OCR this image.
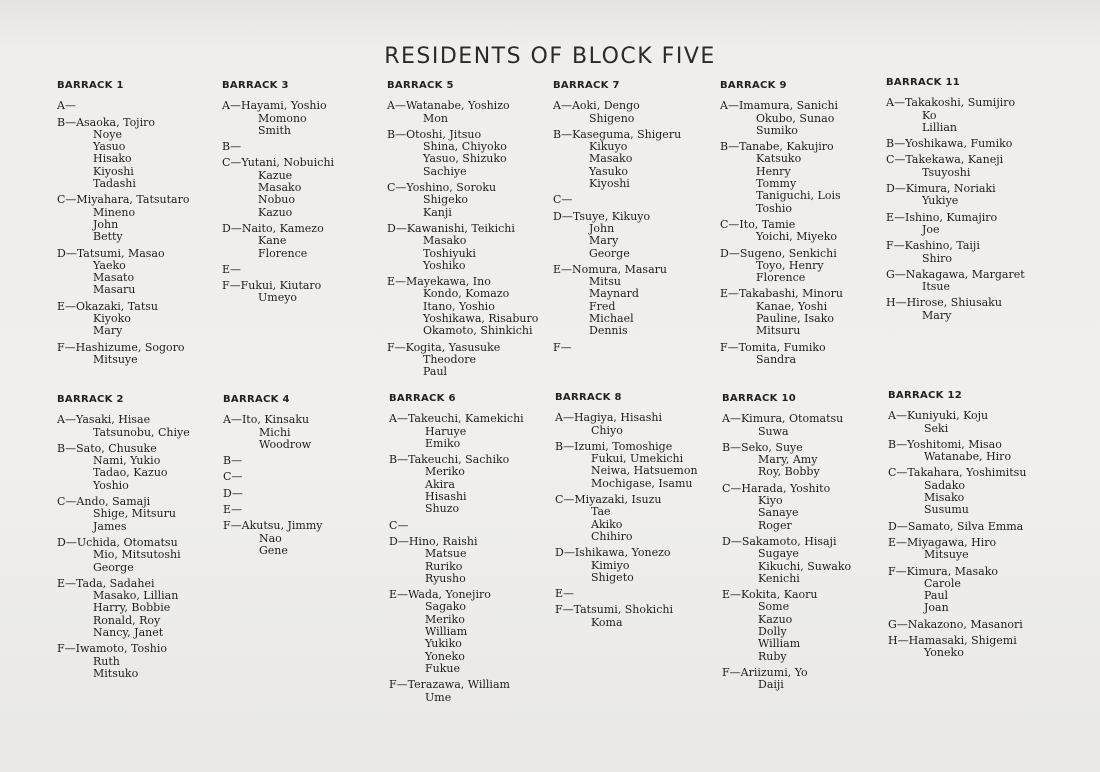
RESIDENTS OF BLOCK FIVE
BARRACK 1
A—
B—Asaoka, Tojiro
Noye
Yasuo
Hisako
Kiyoshi
Tadashi
C—Miyahara, Tatsutaro
Mineno
John
Betty
D—Tatsumi, Masao
Yaeko
Masato
Masaru
E—Okazaki, Tatsu
Kiyoko
Mary
F—Hashizume, Sogoro
Mitsuye
BARRACK 3
A—Hayami, Yoshio
Momono
Smith
B—
C—Yutani, Nobuichi
Kazue
Masako
Nobuo
Kazuo
D—Naito, Kamezo
Kane
Florence
E—
F—Fukui, Kiutaro
Umeyo
BARRACK 5
A—Watanabe, Yoshizo
Mon
B—Otoshi, Jitsuo
Shina, Chiyoko
Yasuo, Shizuko
Sachiye
C—Yoshino, Soroku
Shigeko
Kanji
D—Kawanishi, Teikichi
Masako
Toshiyuki
Yoshiko
E—Mayekawa, Ino
Kondo, Komazo
Itano, Yoshio
Yoshikawa, Risaburo
Okamoto, Shinkichi
F—Kogita, Yasusuke
Theodore
Paul
BARRACK 7
A—Aoki, Dengo
Shigeno
B—Kaseguma, Shigeru
Kikuyo
Masako
Yasuko
Kiyoshi
C—
D—Tsuye, Kikuyo
John
Mary
George
E—Nomura, Masaru
Mitsu
Maynard
Fred
Michael
Dennis
F—
BARRACK 9
A—Imamura, Sanichi
Okubo, Sunao
Sumiko
B—Tanabe, Kakujiro
Katsuko
Henry
Tommy
Taniguchi, Lois
Toshio
C—Ito, Tamie
Yoichi, Miyeko
D—Sugeno, Senkichi
Toyo, Henry
Florence
E—Takabashi, Minoru
Kanae, Yoshi
Pauline, Isako
Mitsuru
F—Tomita, Fumiko
Sandra
BARRACK 11
A—Takakoshi, Sumijiro
Ko
Lillian
B—Yoshikawa, Fumiko
C—Takekawa, Kaneji
Tsuyoshi
D—Kimura, Noriaki
Yukiye
E—Ishino, Kumajiro
Joe
F—Kashino, Taiji
Shiro
G—Nakagawa, Margaret
Itsue
H—Hirose, Shiusaku
Mary
BARRACK 2
A—Yasaki, Hisae
Tatsunobu, Chiye
B—Sato, Chusuke
Nami, Yukio
Tadao, Kazuo
Yoshio
C—Ando, Samaji
Shige, Mitsuru
James
D—Uchida, Otomatsu
Mio, Mitsutoshi
George
E—Tada, Sadahei
Masako, Lillian
Harry, Bobbie
Ronald, Roy
Nancy, Janet
F—Iwamoto, Toshio
Ruth
Mitsuko
BARRACK 4
A—Ito, Kinsaku
Michi
Woodrow
B—
C—
D—
E—
F—Akutsu, Jimmy
Nao
Gene
BARRACK 6
A—Takeuchi, Kamekichi
Haruye
Emiko
B—Takeuchi, Sachiko
Meriko
Akira
Hisashi
Shuzo
C—
D—Hino, Raishi
Matsue
Ruriko
Ryusho
E—Wada, Yonejiro
Sagako
Meriko
William
Yukiko
Yoneko
Fukue
F—Terazawa, William
Ume
BARRACK 8
A—Hagiya, Hisashi
Chiyo
B—Izumi, Tomoshige
Fukui, Umekichi
Neiwa, Hatsuemon
Mochigase, Isamu
C—Miyazaki, Isuzu
Tae
Akiko
Chihiro
D—Ishikawa, Yonezo
Kimiyo
Shigeto
E—
F—Tatsumi, Shokichi
Koma
BARRACK 10
A—Kimura, Otomatsu
Suwa
B—Seko, Suye
Mary, Amy
Roy, Bobby
C—Harada, Yoshito
Kiyo
Sanaye
Roger
D—Sakamoto, Hisaji
Sugaye
Kikuchi, Suwako
Kenichi
E—Kokita, Kaoru
Some
Kazuo
Dolly
William
Ruby
F—Ariizumi, Yo
Daiji
BARRACK 12
A—Kuniyuki, Koju
Seki
B—Yoshitomi, Misao
Watanabe, Hiro
C—Takahara, Yoshimitsu
Sadako
Misako
Susumu
D—Samato, Silva Emma
E—Miyagawa, Hiro
Mitsuye
F—Kimura, Masako
Carole
Paul
Joan
G—Nakazono, Masanori
H—Hamasaki, Shigemi
Yoneko
